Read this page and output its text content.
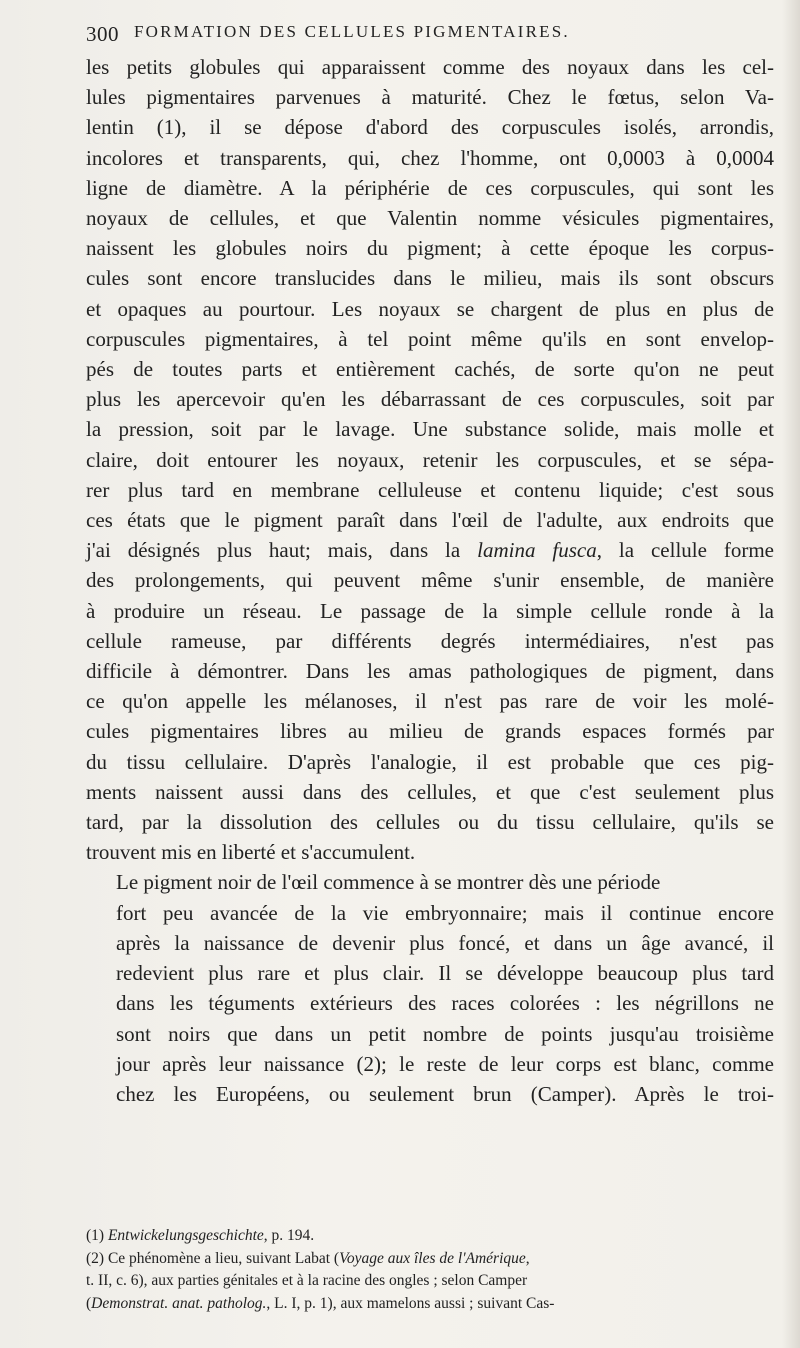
300 FORMATION DES CELLULES PIGMENTAIRES.

les petits globules qui apparaissent comme des noyaux dans les cel-
lules pigmentaires parvenues à maturité. Chez le fœtus, selon Va-
lentin (1), il se dépose d'abord des corpuscules isolés, arrondis,
incolores et transparents, qui, chez l'homme, ont 0,0003 à 0,0004
ligne de diamètre. A la périphérie de ces corpuscules, qui sont les
noyaux de cellules, et que Valentin nomme vésicules pigmentaires,
naissent les globules noirs du pigment; à cette époque les corpus-
cules sont encore translucides dans le milieu, mais ils sont obscurs
et opaques au pourtour. Les noyaux se chargent de plus en plus de
corpuscules pigmentaires, à tel point même qu'ils en sont envelop-
pés de toutes parts et entièrement cachés, de sorte qu'on ne peut
plus les apercevoir qu'en les débarrassant de ces corpuscules, soit par
la pression, soit par le lavage. Une substance solide, mais molle et
claire, doit entourer les noyaux, retenir les corpuscules, et se sépa-
rer plus tard en membrane celluleuse et contenu liquide; c'est sous
ces états que le pigment paraît dans l'œil de l'adulte, aux endroits que
j'ai désignés plus haut; mais, dans la lamina fusca, la cellule forme
des prolongements, qui peuvent même s'unir ensemble, de manière
à produire un réseau. Le passage de la simple cellule ronde à la
cellule rameuse, par différents degrés intermédiaires, n'est pas
difficile à démontrer. Dans les amas pathologiques de pigment, dans
ce qu'on appelle les mélanoses, il n'est pas rare de voir les molé-
cules pigmentaires libres au milieu de grands espaces formés par
du tissu cellulaire. D'après l'analogie, il est probable que ces pig-
ments naissent aussi dans des cellules, et que c'est seulement plus
tard, par la dissolution des cellules ou du tissu cellulaire, qu'ils se
trouvent mis en liberté et s'accumulent.

Le pigment noir de l'œil commence à se montrer dès une période
fort peu avancée de la vie embryonnaire; mais il continue encore
après la naissance de devenir plus foncé, et dans un âge avancé, il
redevient plus rare et plus clair. Il se développe beaucoup plus tard
dans les téguments extérieurs des races colorées : les négrillons ne
sont noirs que dans un petit nombre de points jusqu'au troisième
jour après leur naissance (2); le reste de leur corps est blanc, comme
chez les Européens, ou seulement brun (Camper). Après le troi-

(1) Entwickelungsgeschichte, p. 194.
(2) Ce phénomène a lieu, suivant Labat (Voyage aux îles de l'Amérique,
t. II, c. 6), aux parties génitales et à la racine des ongles ; selon Camper
(Demonstrat. anat. patholog., L. I, p. 1), aux mamelons aussi ; suivant Cas-
